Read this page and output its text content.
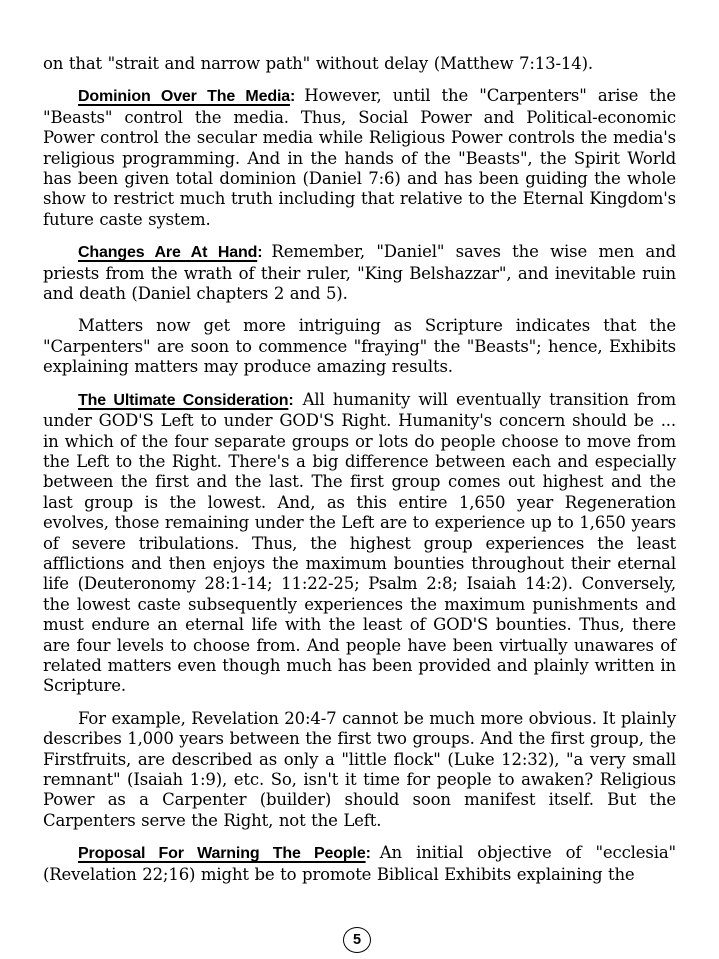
on that "strait and narrow path" without delay (Matthew 7:13-14).

Dominion Over The Media: However, until the "Carpenters" arise the "Beasts" control the media. Thus, Social Power and Political-economic Power control the secular media while Religious Power controls the media's religious programming. And in the hands of the "Beasts", the Spirit World has been given total dominion (Daniel 7:6) and has been guiding the whole show to restrict much truth including that relative to the Eternal Kingdom's future caste system.

Changes Are At Hand: Remember, "Daniel" saves the wise men and priests from the wrath of their ruler, "King Belshazzar", and inevitable ruin and death (Daniel chapters 2 and 5).

Matters now get more intriguing as Scripture indicates that the "Carpenters" are soon to commence "fraying" the "Beasts"; hence, Exhibits explaining matters may produce amazing results.

The Ultimate Consideration: All humanity will eventually transition from under GOD'S Left to under GOD'S Right. Humanity's concern should be ... in which of the four separate groups or lots do people choose to move from the Left to the Right. There's a big difference between each and especially between the first and the last. The first group comes out highest and the last group is the lowest. And, as this entire 1,650 year Regeneration evolves, those remaining under the Left are to experience up to 1,650 years of severe tribulations. Thus, the highest group experiences the least afflictions and then enjoys the maximum bounties throughout their eternal life (Deuteronomy 28:1-14; 11:22-25; Psalm 2:8; Isaiah 14:2). Conversely, the lowest caste subsequently experiences the maximum punishments and must endure an eternal life with the least of GOD'S bounties. Thus, there are four levels to choose from. And people have been virtually unawares of related matters even though much has been provided and plainly written in Scripture.

For example, Revelation 20:4-7 cannot be much more obvious. It plainly describes 1,000 years between the first two groups. And the first group, the Firstfruits, are described as only a "little flock" (Luke 12:32), "a very small remnant" (Isaiah 1:9), etc. So, isn't it time for people to awaken? Religious Power as a Carpenter (builder) should soon manifest itself. But the Carpenters serve the Right, not the Left.

Proposal For Warning The People: An initial objective of "ecclesia" (Revelation 22;16) might be to promote Biblical Exhibits explaining the

5
